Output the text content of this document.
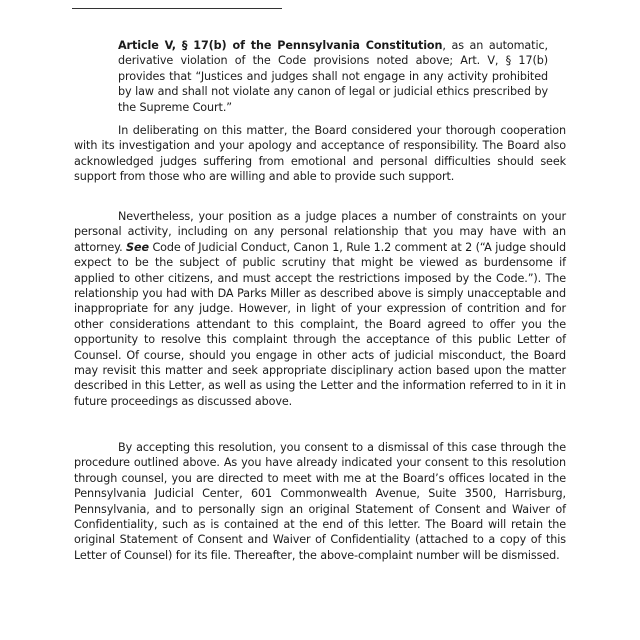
Article V, § 17(b) of the Pennsylvania Constitution, as an automatic, derivative violation of the Code provisions noted above; Art. V, § 17(b) provides that “Justices and judges shall not engage in any activity prohibited by law and shall not violate any canon of legal or judicial ethics prescribed by the Supreme Court.”

In deliberating on this matter, the Board considered your thorough cooperation with its investigation and your apology and acceptance of responsibility. The Board also acknowledged judges suffering from emotional and personal difficulties should seek support from those who are willing and able to provide such support.

Nevertheless, your position as a judge places a number of constraints on your personal activity, including on any personal relationship that you may have with an attorney. See Code of Judicial Conduct, Canon 1, Rule 1.2 comment at 2 (“A judge should expect to be the subject of public scrutiny that might be viewed as burdensome if applied to other citizens, and must accept the restrictions imposed by the Code.”). The relationship you had with DA Parks Miller as described above is simply unacceptable and inappropriate for any judge. However, in light of your expression of contrition and for other considerations attendant to this complaint, the Board agreed to offer you the opportunity to resolve this complaint through the acceptance of this public Letter of Counsel. Of course, should you engage in other acts of judicial misconduct, the Board may revisit this matter and seek appropriate disciplinary action based upon the matter described in this Letter, as well as using the Letter and the information referred to in it in future proceedings as discussed above.

By accepting this resolution, you consent to a dismissal of this case through the procedure outlined above. As you have already indicated your consent to this resolution through counsel, you are directed to meet with me at the Board’s offices located in the Pennsylvania Judicial Center, 601 Commonwealth Avenue, Suite 3500, Harrisburg, Pennsylvania, and to personally sign an original Statement of Consent and Waiver of Confidentiality, such as is contained at the end of this letter. The Board will retain the original Statement of Consent and Waiver of Confidentiality (attached to a copy of this Letter of Counsel) for its file. Thereafter, the above-complaint number will be dismissed.
